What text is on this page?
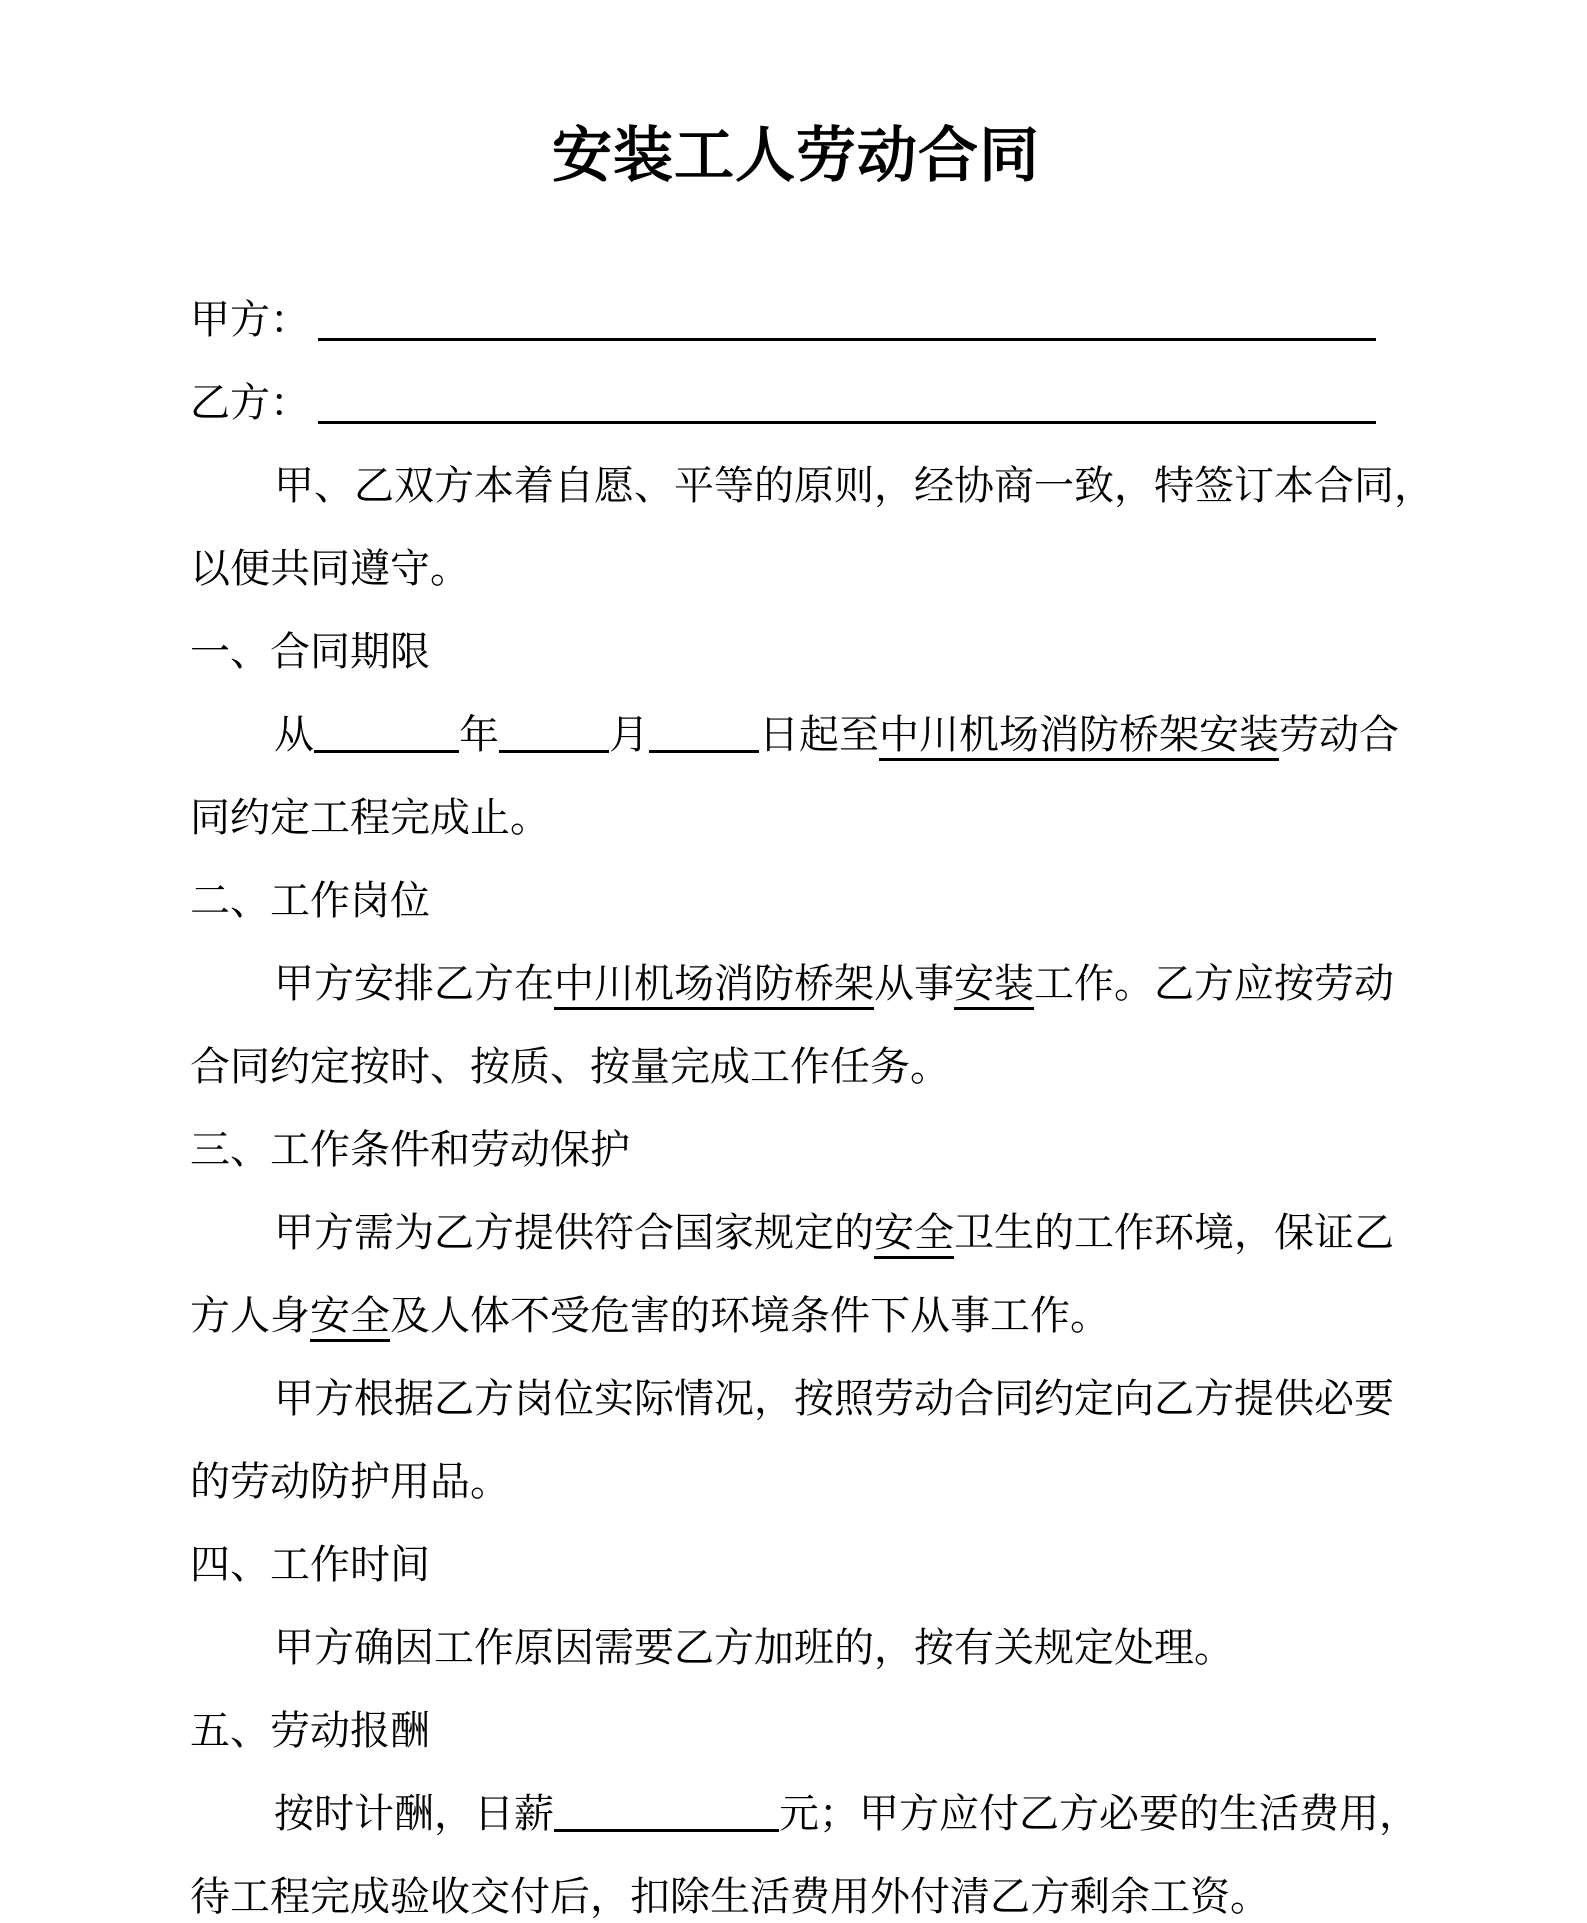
安装工人劳动合同
甲方：
乙方：
甲、乙双方本着自愿、平等的原则，经协商一致，特签订本合同，
以便共同遵守。
一、合同期限
从	年	月	日起至中川机场消防桥架安装劳动合
同约定工程完成止。
二、工作岗位
甲方安排乙方在中川机场消防桥架从事安装工作。乙方应按劳动
合同约定按时、按质、按量完成工作任务。
三、工作条件和劳动保护
甲方需为乙方提供符合国家规定的安全卫生的工作环境，保证乙
方人身安全及人体不受危害的环境条件下从事工作。
甲方根据乙方岗位实际情况，按照劳动合同约定向乙方提供必要
的劳动防护用品。
四、工作时间
甲方确因工作原因需要乙方加班的，按有关规定处理。
五、劳动报酬
按时计酬，日薪	元；甲方应付乙方必要的生活费用，
待工程完成验收交付后，扣除生活费用外付清乙方剩余工资。
